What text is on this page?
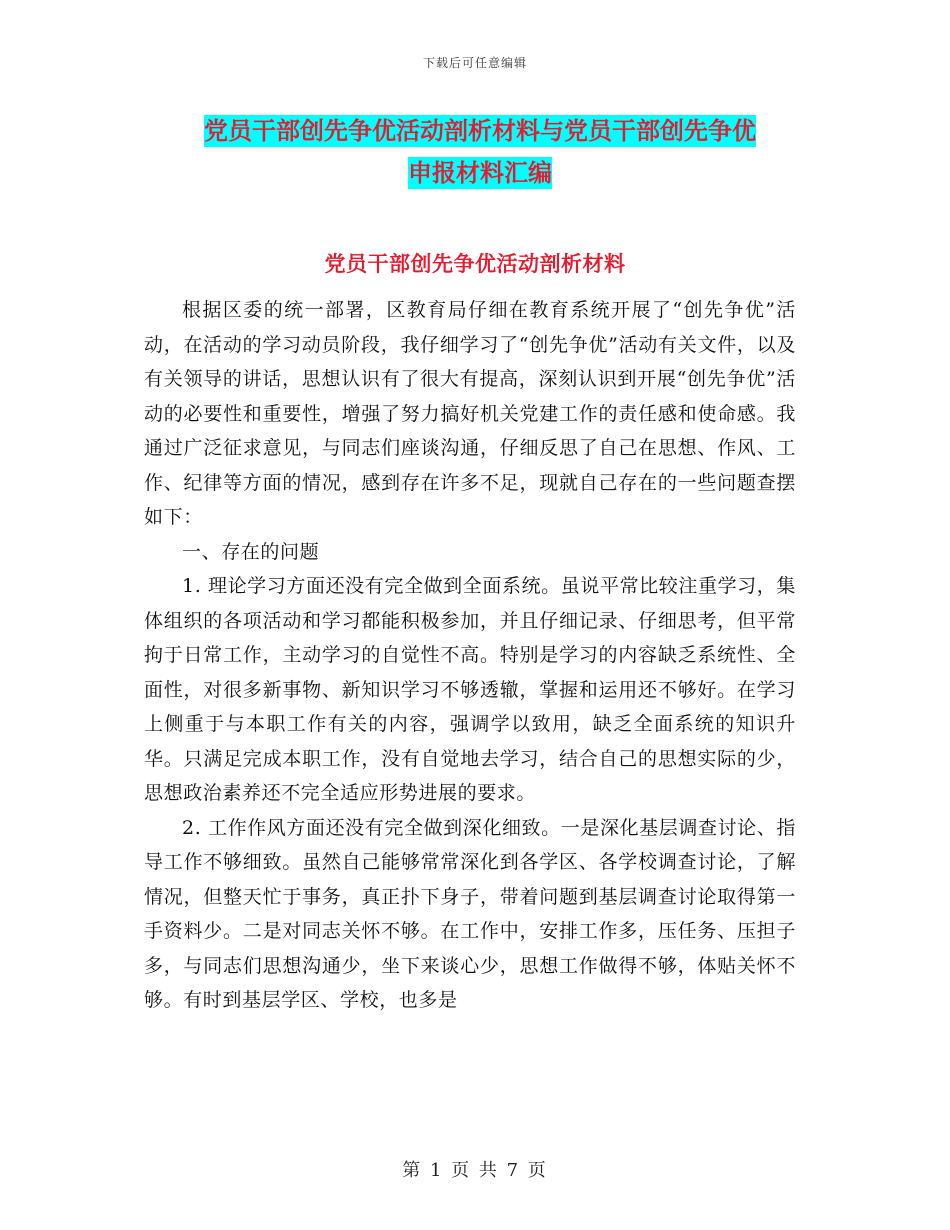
下载后可任意编辑
党员干部创先争优活动剖析材料与党员干部创先争优
申报材料汇编
党员干部创先争优活动剖析材料

根据区委的统一部署，区教育局仔细在教育系统开展了“创先争优”活动，在活动的学习动员阶段，我仔细学习了“创先争优”活动有关文件，以及有关领导的讲话，思想认识有了很大有提高，深刻认识到开展“创先争优”活动的必要性和重要性，增强了努力搞好机关党建工作的责任感和使命感。我通过广泛征求意见，与同志们座谈沟通，仔细反思了自己在思想、作风、工作、纪律等方面的情况，感到存在许多不足，现就自己存在的一些问题查摆如下：

一、存在的问题

1. 理论学习方面还没有完全做到全面系统。虽说平常比较注重学习，集体组织的各项活动和学习都能积极参加，并且仔细记录、仔细思考，但平常拘于日常工作，主动学习的自觉性不高。特别是学习的内容缺乏系统性、全面性，对很多新事物、新知识学习不够透辙，掌握和运用还不够好。在学习上侧重于与本职工作有关的内容，强调学以致用，缺乏全面系统的知识升华。只满足完成本职工作，没有自觉地去学习，结合自己的思想实际的少，思想政治素养还不完全适应形势进展的要求。

2. 工作作风方面还没有完全做到深化细致。一是深化基层调查讨论、指导工作不够细致。虽然自己能够常常深化到各学区、各学校调查讨论，了解情况，但整天忙于事务，真正扑下身子，带着问题到基层调查讨论取得第一手资料少。二是对同志关怀不够。在工作中，安排工作多，压任务、压担子多，与同志们思想沟通少，坐下来谈心少，思想工作做得不够，体贴关怀不够。有时到基层学区、学校，也多是

第 1 页 共 7 页
